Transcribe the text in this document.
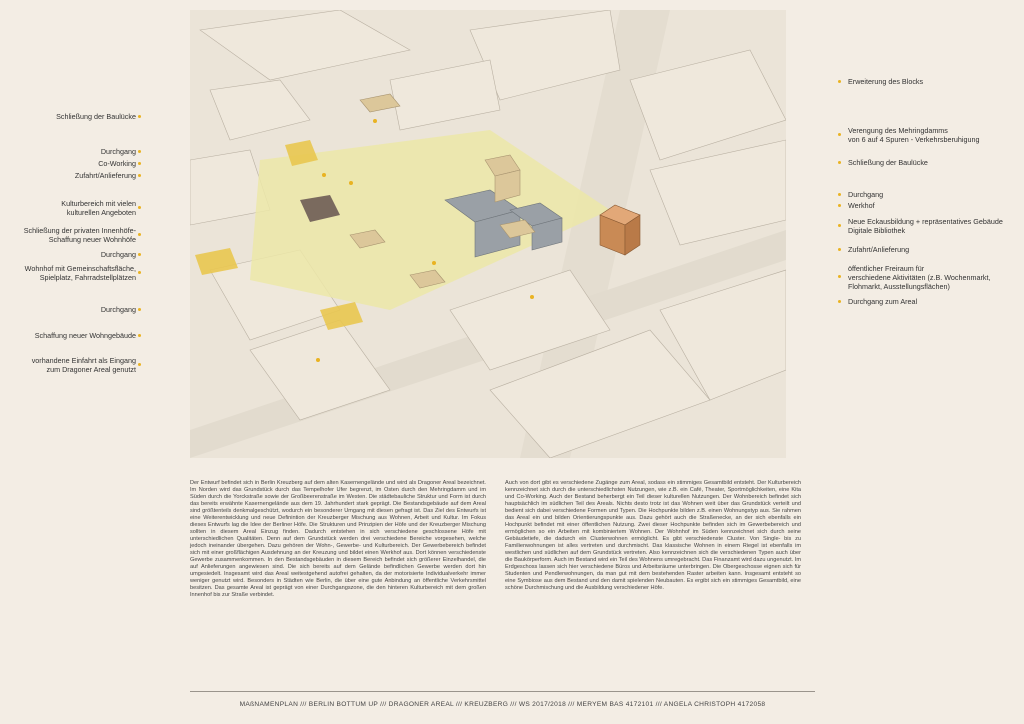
Schließung der Baulücke
Durchgang
Co-Working
Zufahrt/Anlieferung
Kulturbereich mit vielen
kulturellen Angeboten
Schließung der privaten Innenhöfe-
Schaffung neuer Wohnhöfe
Durchgang
Wohnhof mit Gemeinschaftsfläche,
Spielplatz, Fahrradstellplätzen
Durchgang
Schaffung neuer Wohngebäude
vorhandene Einfahrt als Eingang
zum Dragoner Areal genutzt
Erweiterung des Blocks
Verengung des Mehringdamms
von 6 auf 4 Spuren - Verkehrsberuhigung
Schließung der Baulücke
Durchgang
Werkhof
Neue Eckausbildung + repräsentatives Gebäude
Digitale Bibliothek
Zufahrt/Anlieferung
öffentlicher Freiraum für
verschiedene Aktivitäten (z.B. Wochenmarkt,
Flohmarkt, Ausstellungsflächen)
Durchgang zum Areal
Der Entwurf befindet sich in Berlin Kreuzberg auf dem alten Kasernengelände und wird als Dragoner Areal bezeichnet. Im Norden wird das Grundstück durch das Tempelhofer Ufer begrenzt, im Osten durch den Mehringdamm und im Süden durch die Yorckstraße sowie der Großbeerenstraße im Westen. Die städtebauliche Struktur und Form ist durch das bereits erwähnte Kasernengelände aus dem 19. Jahrhundert stark geprägt. Die Bestandsgebäude auf dem Areal sind größtenteils denkmalgeschützt, wodurch ein besonderer Umgang mit diesen gefragt ist. Das Ziel des Entwurfs ist eine Weiterentwicklung und neue Definintion der Kreuzberger Mischung aus Wohnen, Arbeit und Kultur. Im Fokus dieses Entwurfs lag die Idee der Berliner Höfe. Die Strukturen und Prinzipien der Höfe und der Kreuzberger Mischung sollten in diesem Areal Einzug finden. Dadurch entstehen in sich verschiedene geschlossene Höfe mit unterschiedlichen Qualitäten. Denn auf dem Grundstück werden drei verschiedene Bereiche vorgesehen, welche jedoch ineinander übergehen. Dazu gehören der Wohn-, Gewerbe- und Kulturbereich. Der Gewerbebereich befindet sich mit einer großflächigen Ausdehnung an der Kreuzung und bildet einen Werkhof aus. Dort können verschiedenste Gewerbe zusammenkommen. In den Bestandsgebäuden in diesem Bereich befindet sich größerer Einzelhandel, die auf Anlieferungen angewiesen sind. Die sich bereits auf dem Gelände befindlichen Gewerbe werden dort hin umgesiedelt. Insgesamt wird das Areal weitestgehend autofrei gehalten, da der motorisierte Individualverkehr immer weniger genutzt wird. Besonders in Städten wie Berlin, die über eine gute Anbindung an öffentliche Verkehrsmittel besitzen. Das gesamte Areal ist geprägt von einer Durchgangszone, die den hinteren Kulturbereich mit dem großen Innenhof bis zur Straße verbindet.
Auch von dort gibt es verschiedene Zugänge zum Areal, sodass ein stimmiges Gesamtbild entsteht. Der Kulturbereich kennzeichnet sich durch die unterschiedlichsten Nutzungen, wie z.B. ein Café, Theater, Sportmöglichkeiten, eine Kita und Co-Working. Auch der Bestand beherbergt ein Teil dieser kulturellen Nutzungen. Der Wohnbereich befindet sich hauptsächlich im südlichen Teil des Areals. Nichts desto trotz ist das Wohnen weit über das Grundstück verteilt und bedient sich dabei verschiedene Formen und Typen. Die Hochpunkte bilden z.B. einen Wohnungstyp aus. Sie rahmen das Areal ein und bilden Orientierungspunkte aus. Dazu gehört auch die Straßenecke, an der sich ebenfalls ein Hochpunkt befindet mit einer öffentlichen Nutzung. Zwei dieser Hochpunkte befinden sich im Gewerbebereich und ermöglichen so ein Arbeiten mit kombiniertem Wohnen. Der Wohnhof im Süden kennzeichnet sich durch seine Gebäudetiefe, die dadurch ein Clusterwohnen ermöglicht. Es gibt verschiedenste Cluster. Von Single- bis zu Familienwohnungen ist alles vertreten und durchmischt. Das klassische Wohnen in einem Riegel ist ebenfalls im westlichen und südlichen auf dem Grundstück vertreten. Also kennzeichnen sich die verschiedenen Typen auch über die Baukörperform. Auch im Bestand wird ein Teil des Wohnens umregebracht. Das Finanzamt wird dazu ungenutzt. Im Erdgeschoss lassen sich hier verschiedene Büros und Arbeitsräume unterbringen. Die Obergeschosse eignen sich für Studenten und Pendlerwohnungen, da man gut mit dem bestehenden Raster arbeiten kann. Insgesamt entsteht so eine Symbiose aus dem Bestand und den damit spielenden Neubauten. Es ergibt sich ein stimmiges Gesamtbild, eine schöne Durchmischung und die Ausbildung verschiedener Höfe.
MAßNAMENPLAN /// BERLIN BOTTUM UP /// DRAGONER AREAL /// KREUZBERG /// WS 2017/2018 /// MERYEM BAS 4172101 /// ANGELA CHRISTOPH 4172058
